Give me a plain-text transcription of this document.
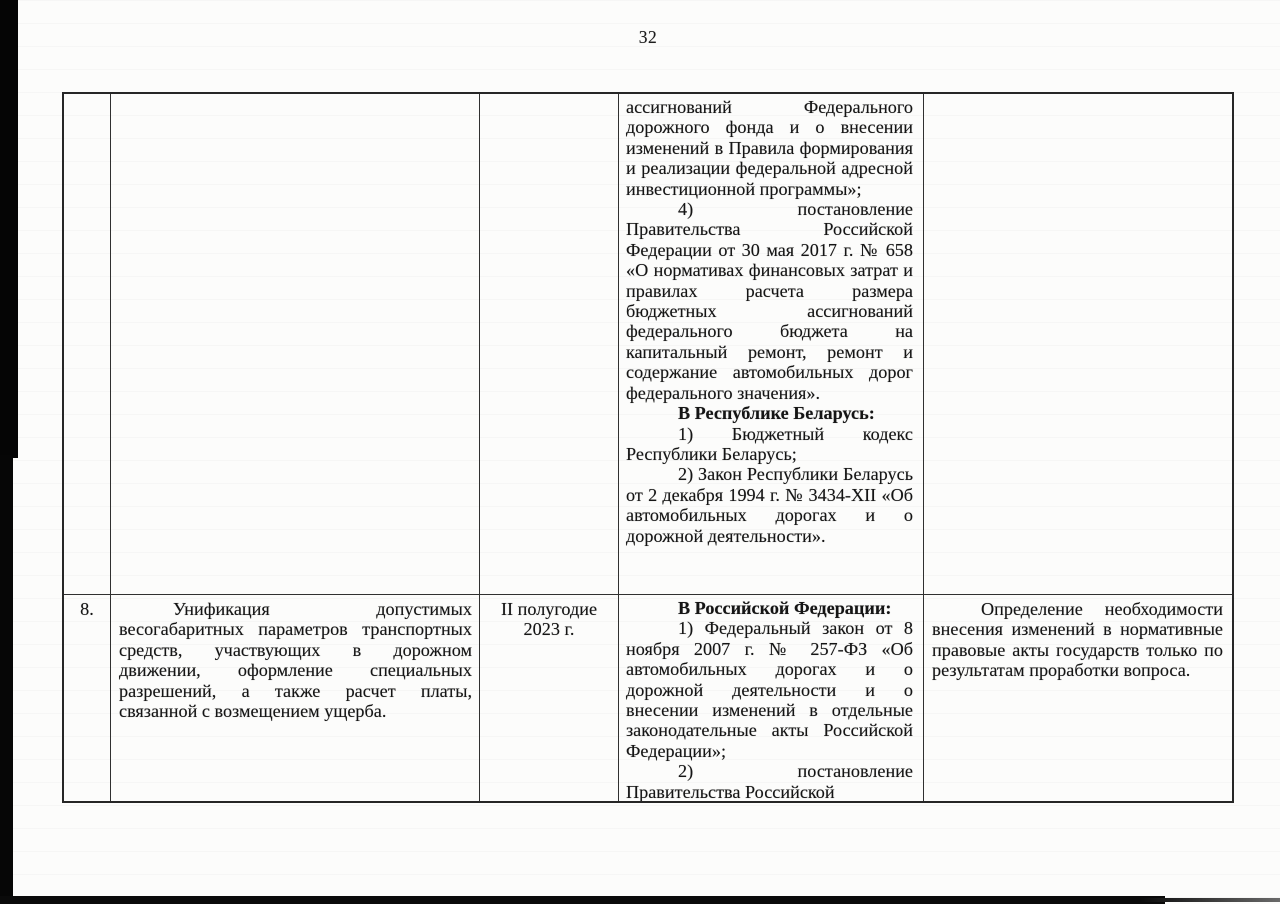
32

ассигнований Федерального дорожного фонда и о внесении изменений в Правила формирования и реализации федеральной адресной инвестиционной программы»;

4) постановление Правительства Российской Федерации от 30 мая 2017 г. № 658 «О нормативах финансовых затрат и правилах расчета размера бюджетных ассигнований федерального бюджета на капитальный ремонт, ремонт и содержание автомобильных дорог федерального значения».

В Республике Беларусь:

1) Бюджетный кодекс Республики Беларусь;

2) Закон Республики Беларусь от 2 декабря 1994 г. № 3434-XII «Об автомобильных дорогах и о дорожной деятельности».

8.	Унификация допустимых весогабаритных параметров транспортных средств, участвующих в дорожном движении, оформление специальных разрешений, а также расчет платы, связанной с возмещением ущерба.

II полугодие
2023 г.

В Российской Федерации:

1) Федеральный закон от 8 ноября 2007 г. № 257-ФЗ «Об автомобильных дорогах и о дорожной деятельности и о внесении изменений в отдельные законодательные акты Российской Федерации»;

2) постановление Правительства Российской

Определение необходимости внесения изменений в нормативные правовые акты государств только по результатам проработки вопроса.
